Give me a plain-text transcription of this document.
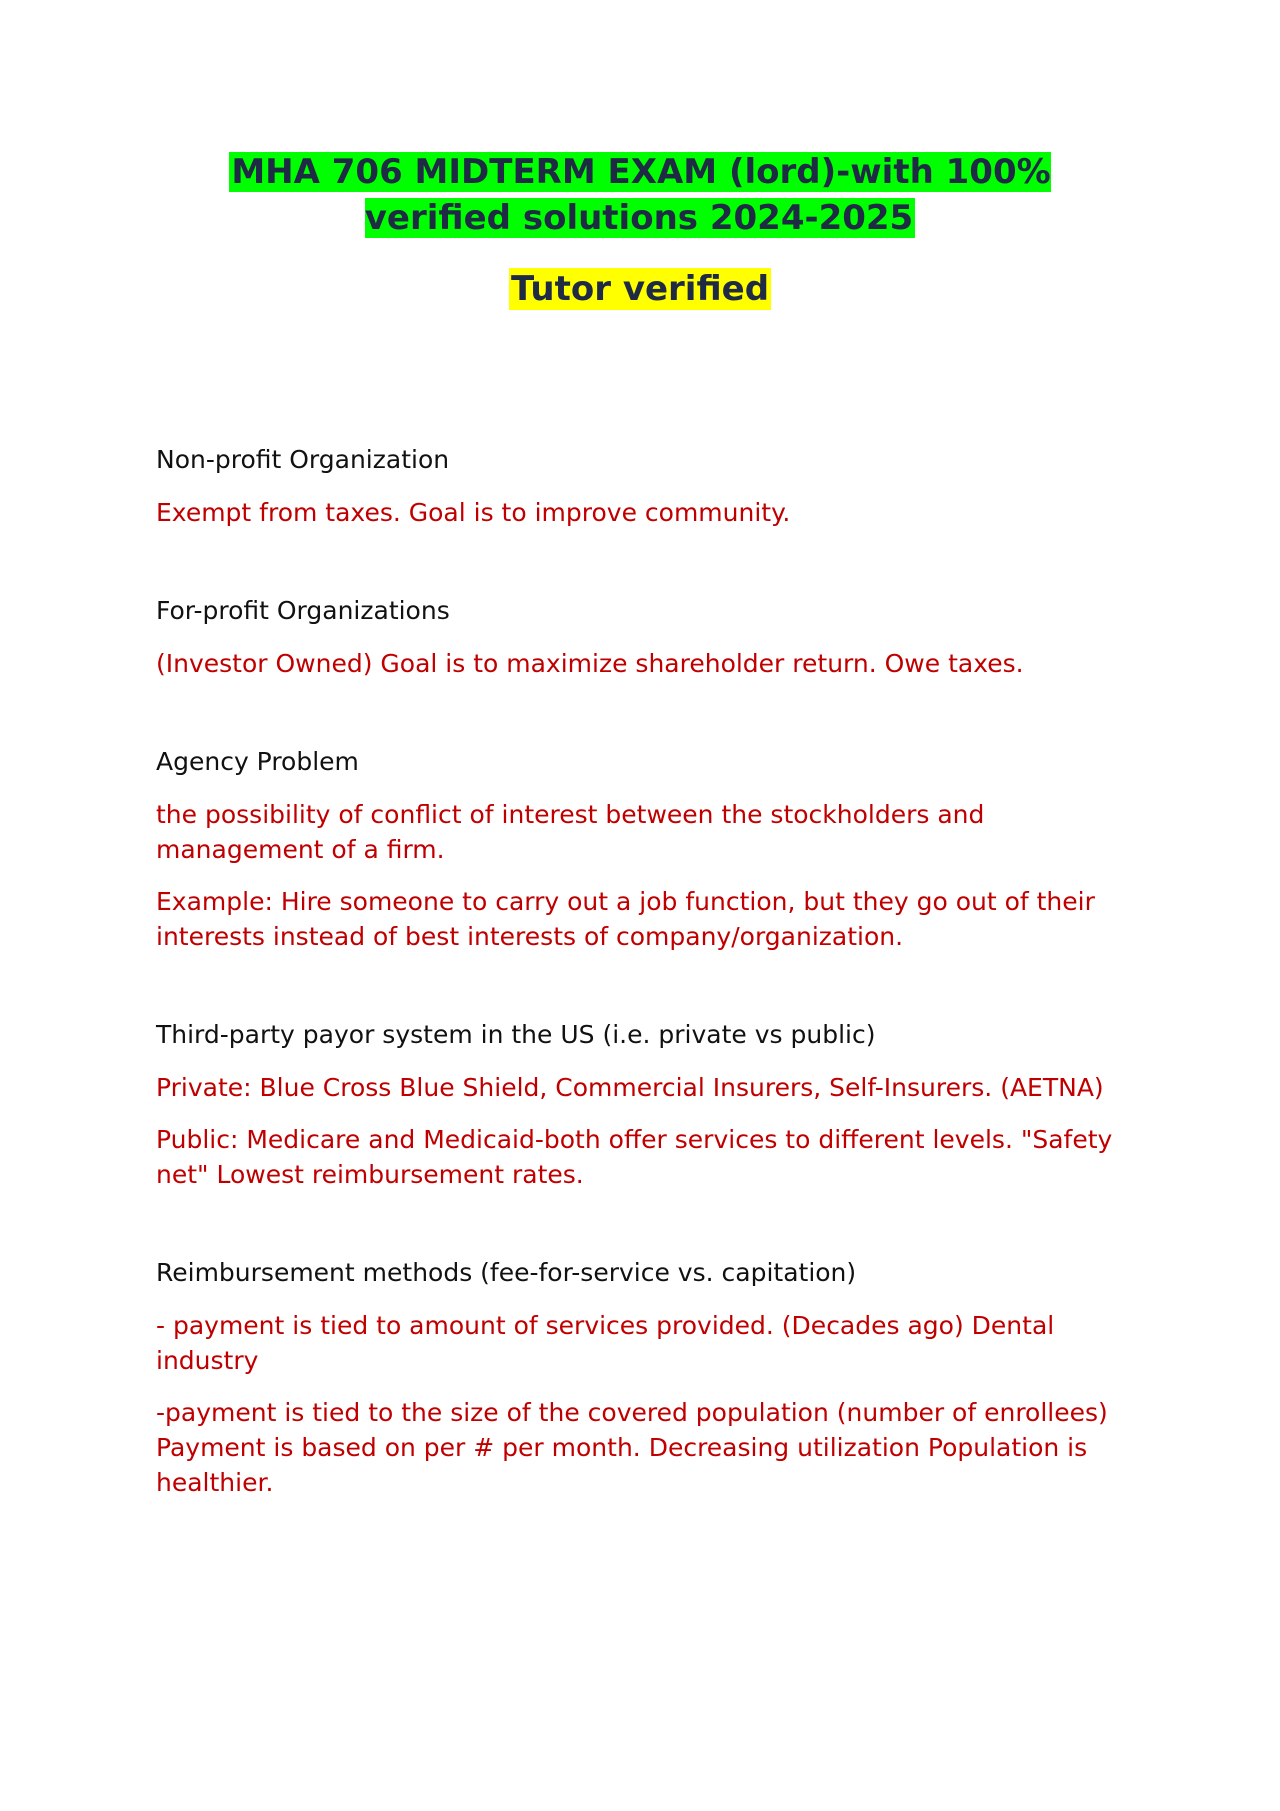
MHA 706 MIDTERM EXAM (lord)-with 100% verified solutions 2024-2025
Tutor verified
Non-profit Organization
Exempt from taxes. Goal is to improve community.
For-profit Organizations
(Investor Owned) Goal is to maximize shareholder return. Owe taxes.
Agency Problem
the possibility of conflict of interest between the stockholders and management of a firm.
Example: Hire someone to carry out a job function, but they go out of their interests instead of best interests of company/organization.
Third-party payor system in the US (i.e. private vs public)
Private: Blue Cross Blue Shield, Commercial Insurers, Self-Insurers. (AETNA)
Public: Medicare and Medicaid-both offer services to different levels. "Safety net" Lowest reimbursement rates.
Reimbursement methods (fee-for-service vs. capitation)
- payment is tied to amount of services provided. (Decades ago) Dental industry
-payment is tied to the size of the covered population (number of enrollees) Payment is based on per # per month. Decreasing utilization Population is healthier.
